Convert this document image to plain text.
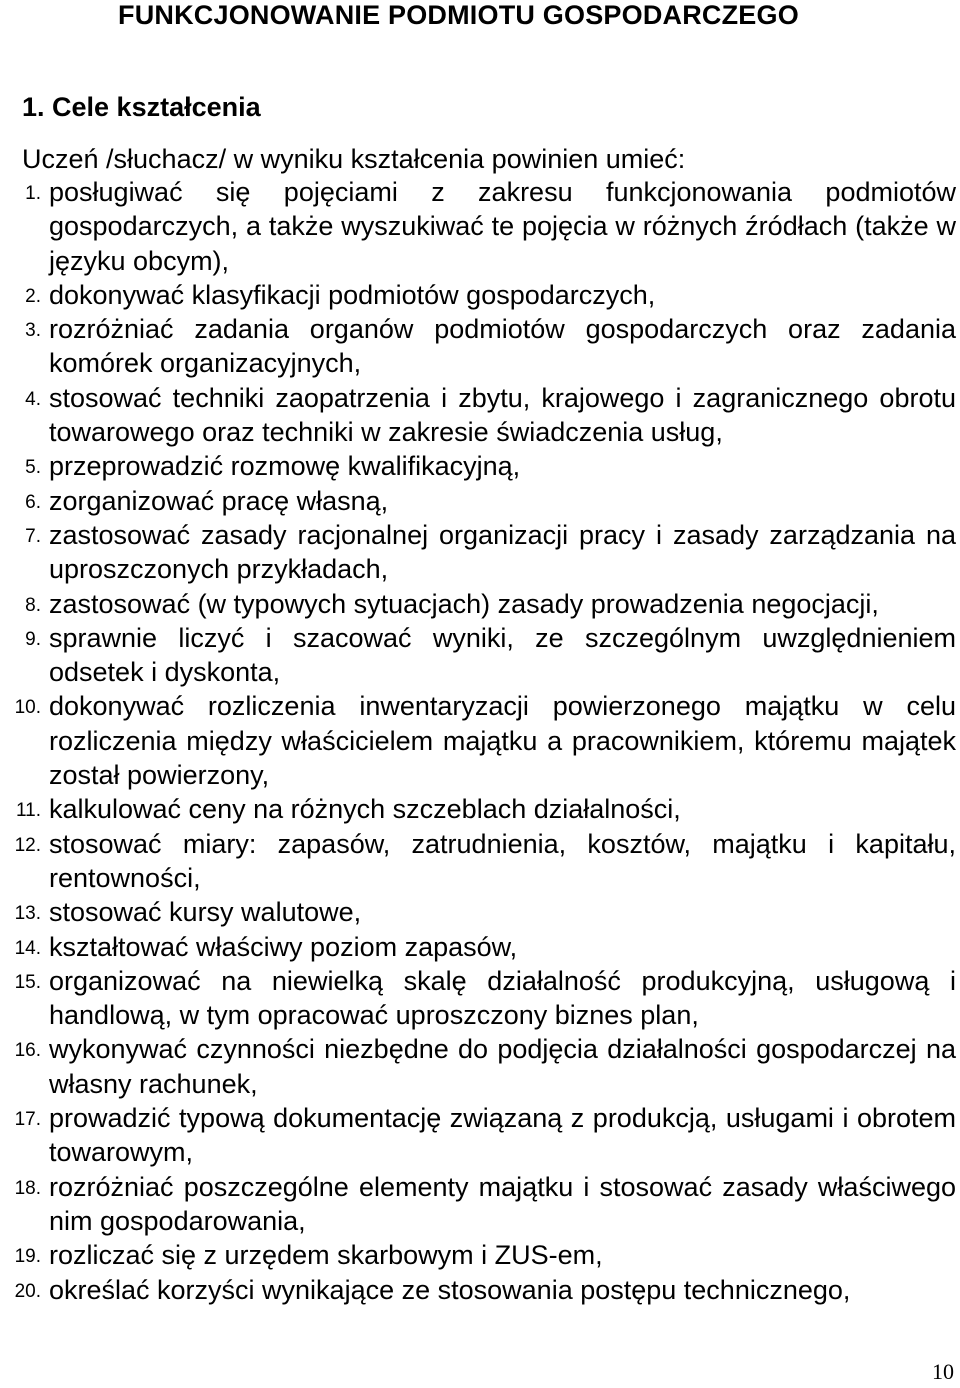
FUNKCJONOWANIE PODMIOTU GOSPODARCZEGO
1. Cele kształcenia
Uczeń /słuchacz/ w wyniku kształcenia powinien umieć:
1. posługiwać się pojęciami z zakresu funkcjonowania podmiotów gospodarczych, a także wyszukiwać te pojęcia w różnych źródłach (także w języku obcym),
2. dokonywać klasyfikacji podmiotów gospodarczych,
3. rozróżniać zadania organów podmiotów gospodarczych oraz zadania komórek organizacyjnych,
4. stosować techniki zaopatrzenia i zbytu, krajowego i zagranicznego obrotu towarowego oraz techniki w zakresie świadczenia usług,
5. przeprowadzić rozmowę kwalifikacyjną,
6. zorganizować pracę własną,
7. zastosować zasady racjonalnej organizacji pracy i zasady zarządzania na uproszczonych przykładach,
8. zastosować (w typowych sytuacjach) zasady prowadzenia negocjacji,
9. sprawnie liczyć i szacować wyniki, ze szczególnym uwzględnieniem odsetek i dyskonta,
10. dokonywać rozliczenia inwentaryzacji powierzonego majątku w celu rozliczenia między właścicielem majątku a pracownikiem, któremu majątek został powierzony,
11. kalkulować ceny na różnych szczeblach działalności,
12. stosować miary: zapasów, zatrudnienia, kosztów, majątku i kapitału, rentowności,
13. stosować kursy walutowe,
14. kształtować właściwy poziom zapasów,
15. organizować na niewielką skalę działalność produkcyjną, usługową i handlową, w tym opracować uproszczony biznes plan,
16. wykonywać czynności niezbędne do podjęcia działalności gospodarczej na własny rachunek,
17. prowadzić typową dokumentację związaną z produkcją, usługami i obrotem towarowym,
18. rozróżniać poszczególne elementy majątku i stosować zasady właściwego nim gospodarowania,
19. rozliczać się z urzędem skarbowym i ZUS-em,
20. określać korzyści wynikające ze stosowania postępu technicznego,
10
